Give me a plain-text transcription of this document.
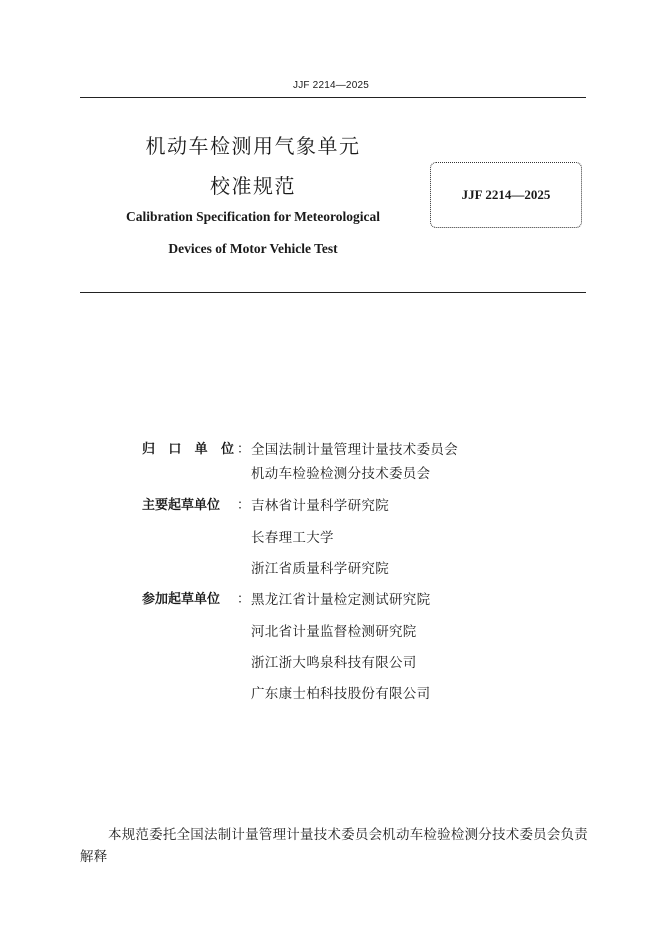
JJF 2214—2025
机动车检测用气象单元
校准规范
Calibration Specification for Meteorological
Devices of Motor Vehicle Test
JJF 2214—2025
归口单位 ： 全国法制计量管理计量技术委员会
机动车检验检测分技术委员会
主要起草单位	： 吉林省计量科学研究院
长春理工大学
浙江省质量科学研究院
参加起草单位	： 黑龙江省计量检定测试研究院
河北省计量监督检测研究院
浙江浙大鸣泉科技有限公司
广东康士柏科技股份有限公司
本规范委托全国法制计量管理计量技术委员会机动车检验检测分技术委员会负责解释
